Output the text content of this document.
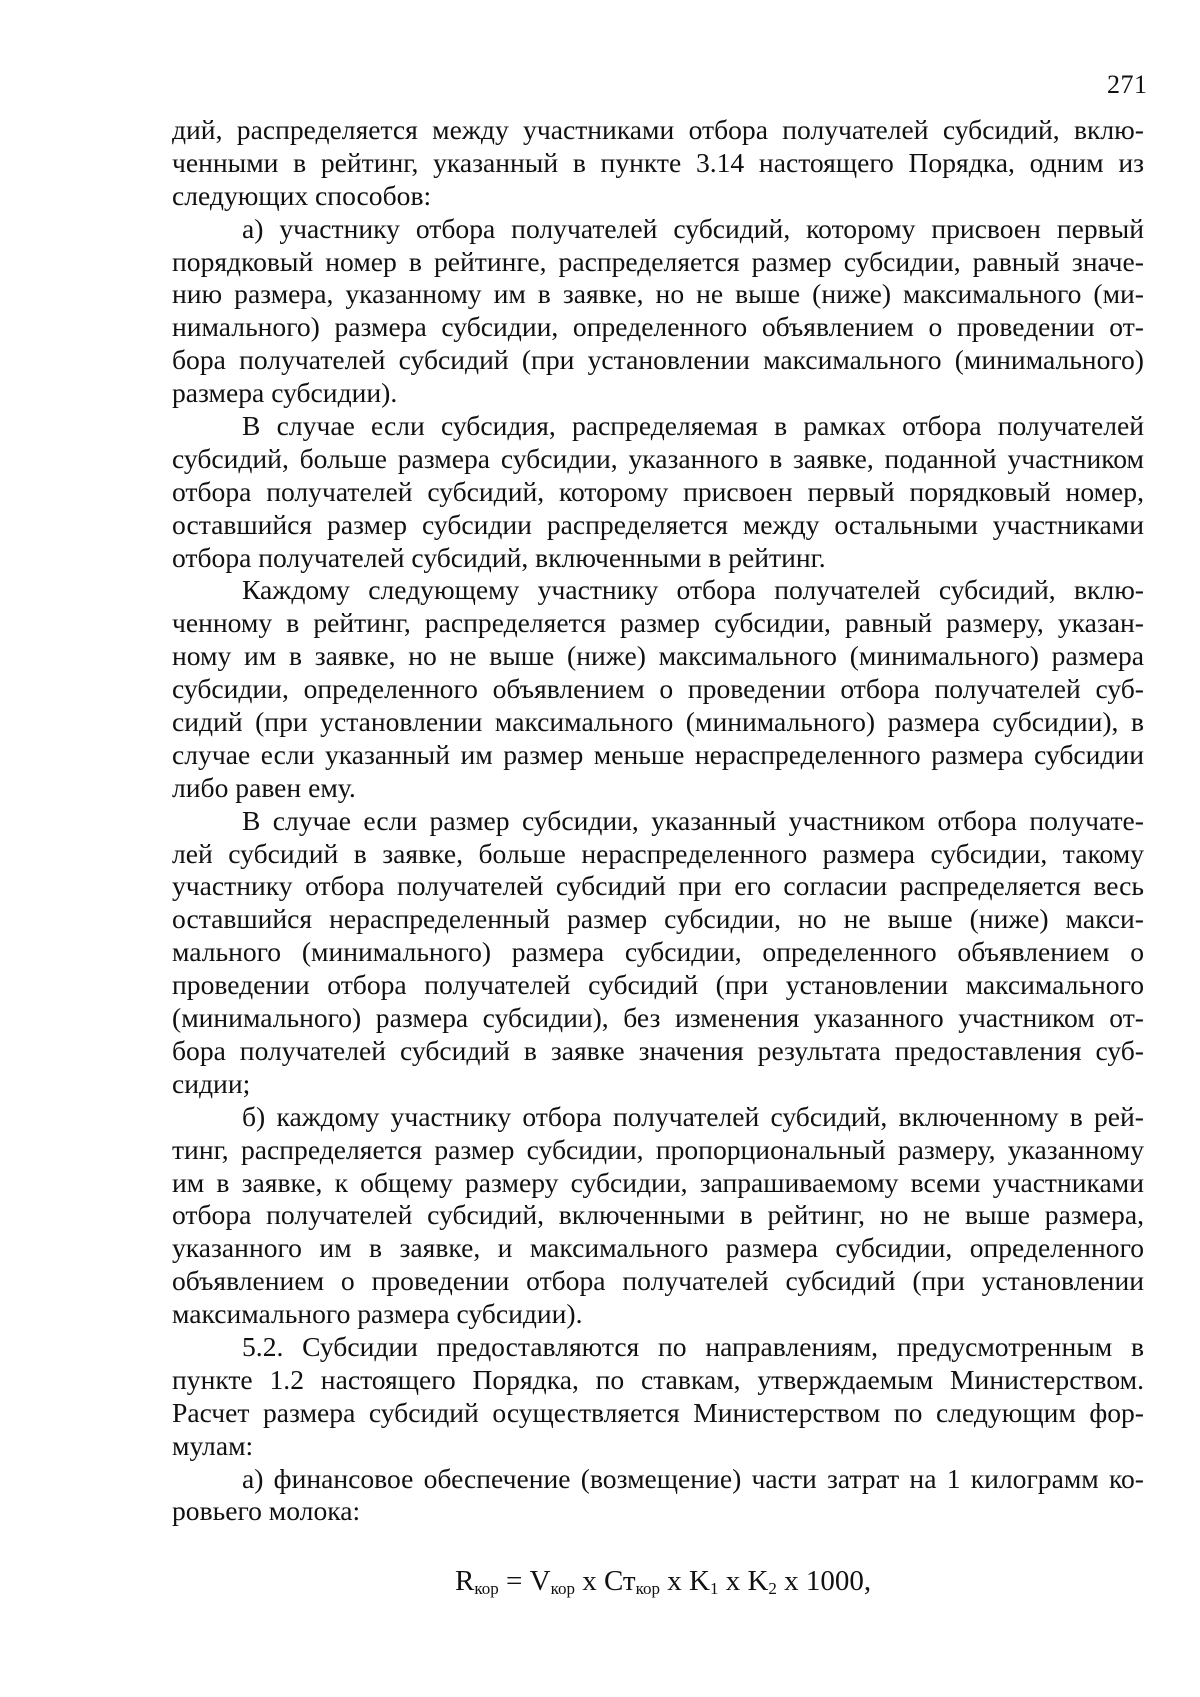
271
дий, распределяется между участниками отбора получателей субсидий, вклю-
ченными в рейтинг, указанный в пункте 3.14 настоящего Порядка, одним из
следующих способов:
а) участнику отбора получателей субсидий, которому присвоен первый
порядковый номер в рейтинге, распределяется размер субсидии, равный значе-
нию размера, указанному им в заявке, но не выше (ниже) максимального (ми-
нимального) размера субсидии, определенного объявлением о проведении от-
бора получателей субсидий (при установлении максимального (минимального)
размера субсидии).
В случае если субсидия, распределяемая в рамках отбора получателей
субсидий, больше размера субсидии, указанного в заявке, поданной участником
отбора получателей субсидий, которому присвоен первый порядковый номер,
оставшийся размер субсидии распределяется между остальными участниками
отбора получателей субсидий, включенными в рейтинг.
Каждому следующему участнику отбора получателей субсидий, вклю-
ченному в рейтинг, распределяется размер субсидии, равный размеру, указан-
ному им в заявке, но не выше (ниже) максимального (минимального) размера
субсидии, определенного объявлением о проведении отбора получателей суб-
сидий (при установлении максимального (минимального) размера субсидии), в
случае если указанный им размер меньше нераспределенного размера субсидии
либо равен ему.
В случае если размер субсидии, указанный участником отбора получате-
лей субсидий в заявке, больше нераспределенного размера субсидии, такому
участнику отбора получателей субсидий при его согласии распределяется весь
оставшийся нераспределенный размер субсидии, но не выше (ниже) макси-
мального (минимального) размера субсидии, определенного объявлением о
проведении отбора получателей субсидий (при установлении максимального
(минимального) размера субсидии), без изменения указанного участником от-
бора получателей субсидий в заявке значения результата предоставления суб-
сидии;
б) каждому участнику отбора получателей субсидий, включенному в рей-
тинг, распределяется размер субсидии, пропорциональный размеру, указанному
им в заявке, к общему размеру субсидии, запрашиваемому всеми участниками
отбора получателей субсидий, включенными в рейтинг, но не выше размера,
указанного им в заявке, и максимального размера субсидии, определенного
объявлением о проведении отбора получателей субсидий (при установлении
максимального размера субсидии).
5.2. Субсидии предоставляются по направлениям, предусмотренным в
пункте 1.2 настоящего Порядка, по ставкам, утверждаемым Министерством.
Расчет размера субсидий осуществляется Министерством по следующим фор-
мулам:
а) финансовое обеспечение (возмещение) части затрат на 1 килограмм ко-
ровьего молока:
$R_{кор} = V_{кор}$ x $Ст_{кор}$ x $K_1$ x $K_2$ x 1000,
